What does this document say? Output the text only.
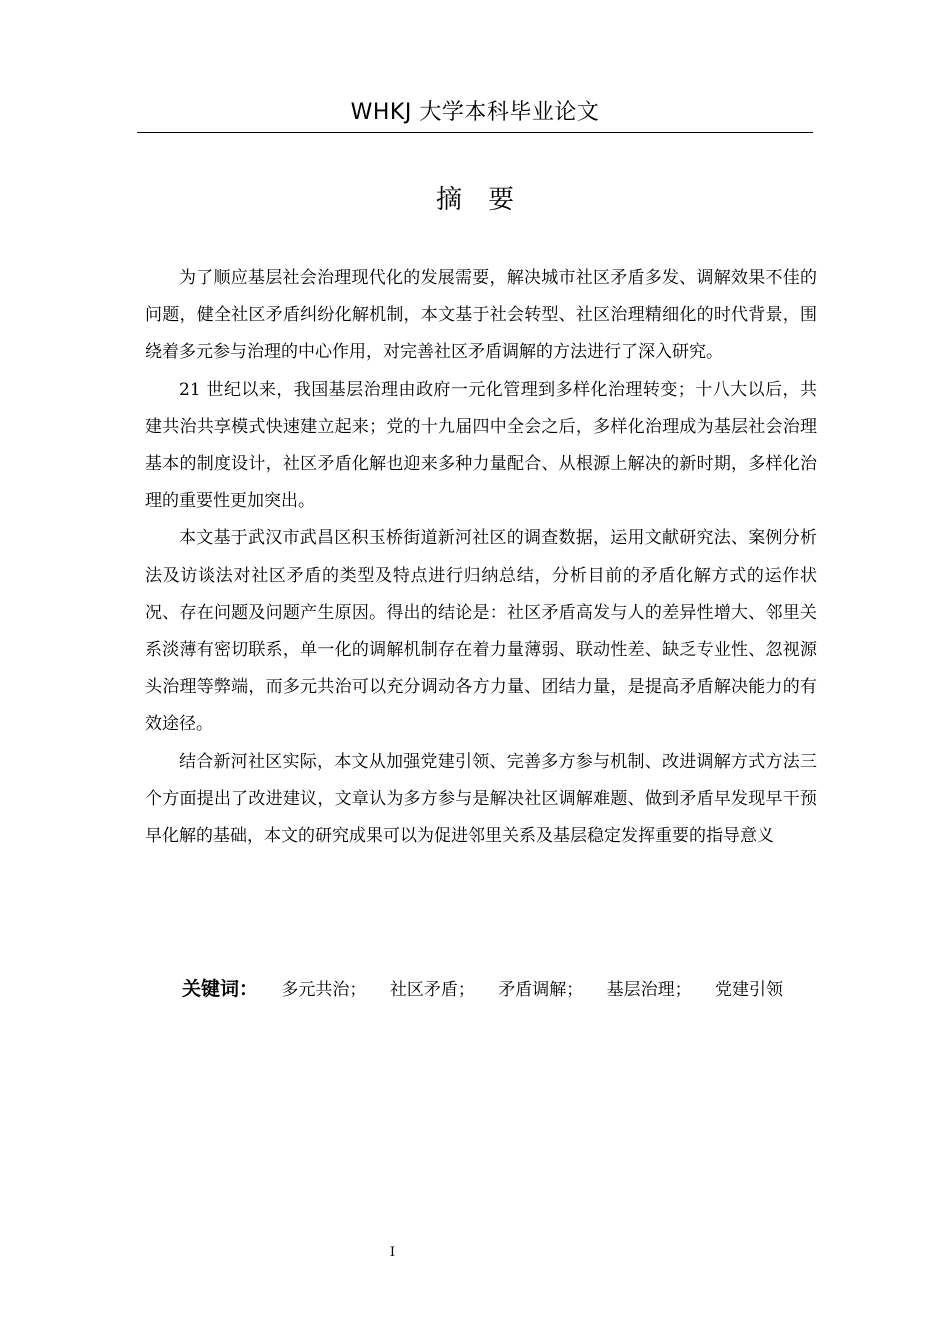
WHKJ 大学本科毕业论文
摘要

为了顺应基层社会治理现代化的发展需要，解决城市社区矛盾多发、调解效果不佳的问题，健全社区矛盾纠纷化解机制，本文基于社会转型、社区治理精细化的时代背景，围绕着多元参与治理的中心作用，对完善社区矛盾调解的方法进行了深入研究。

21 世纪以来，我国基层治理由政府一元化管理到多样化治理转变；十八大以后，共建共治共享模式快速建立起来；党的十九届四中全会之后，多样化治理成为基层社会治理基本的制度设计，社区矛盾化解也迎来多种力量配合、从根源上解决的新时期，多样化治理的重要性更加突出。

本文基于武汉市武昌区积玉桥街道新河社区的调查数据，运用文献研究法、案例分析法及访谈法对社区矛盾的类型及特点进行归纳总结，分析目前的矛盾化解方式的运作状况、存在问题及问题产生原因。得出的结论是：社区矛盾高发与人的差异性增大、邻里关系淡薄有密切联系，单一化的调解机制存在着力量薄弱、联动性差、缺乏专业性、忽视源头治理等弊端，而多元共治可以充分调动各方力量、团结力量，是提高矛盾解决能力的有效途径。

结合新河社区实际，本文从加强党建引领、完善多方参与机制、改进调解方式方法三个方面提出了改进建议，文章认为多方参与是解决社区调解难题、做到矛盾早发现早干预早化解的基础，本文的研究成果可以为促进邻里关系及基层稳定发挥重要的指导意义

关键词： 多元共治； 社区矛盾； 矛盾调解； 基层治理； 党建引领
I
